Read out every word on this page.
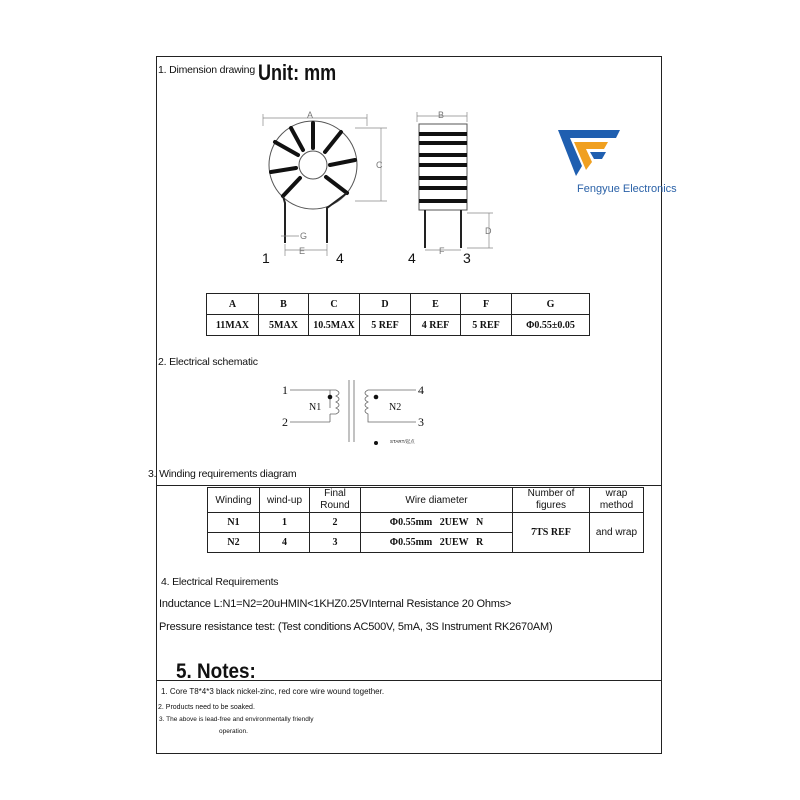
1. Dimension drawing Unit: mm
A
C
G
E
1	4
B
D
F
4	3
Fengyue Electronics
A	B	C	D	E	F	G
11MAX	5MAX	10.5MAX	5 REF	4 REF	5 REF	Φ0.55±0.05
2. Electrical schematic
1
2
4
3
N1	N2
START/起点
3. Winding requirements diagram
Winding	wind-up	Final Round	Wire diameter	Number of figures	wrap method
N1	1	2	Φ0.55mm   2UEW   N	7TS REF	and wrap
N2	4	3	Φ0.55mm   2UEW   R		
4. Electrical Requirements
Inductance L:N1=N2=20uHMIN<1KHZ0.25VInternal Resistance 20 Ohms>
Pressure resistance test: (Test conditions AC500V, 5mA, 3S Instrument RK2670AM)
5. Notes:
1. Core T8*4*3 black nickel-zinc, red core wire wound together.
2. Products need to be soaked.
3. The above is lead-free and environmentally friendly
operation.
